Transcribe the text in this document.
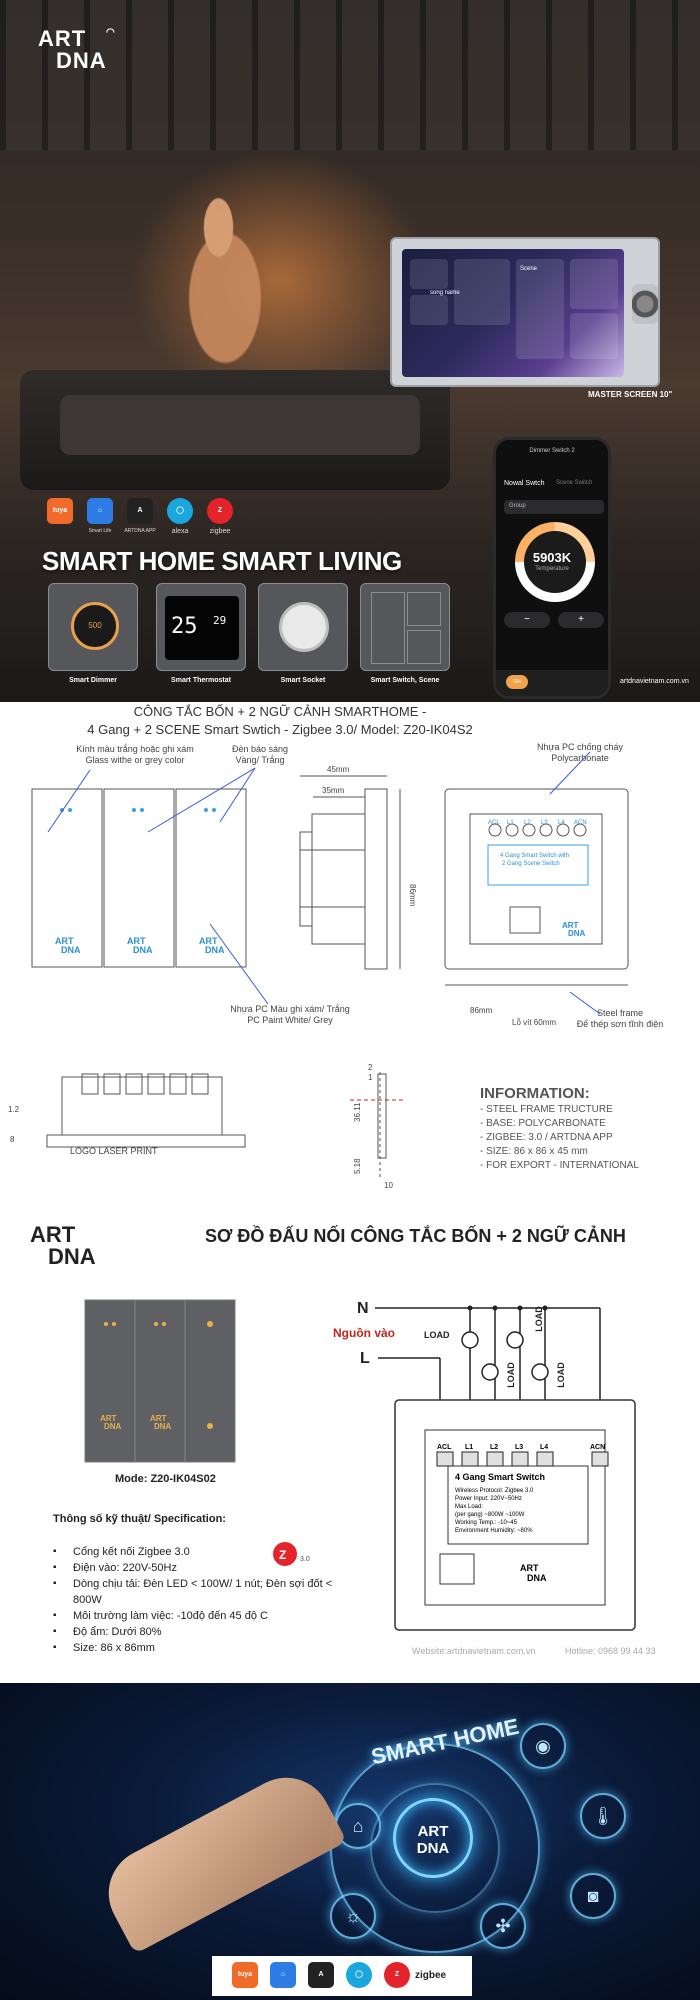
◠
ART
DNA
song name
Scene
MASTER SCREEN 10"
Dimmer Switch 2
Nowal Swtch Scene Switch
Group
5903K
Temperature
−	+
ON
tuya	⌂
Smart Life
A
ARTDNA APP
◯
alexa
Z
zigbee
SMART HOME SMART LIVING
500	25 29
Smart Dimmer	Smart Thermostat	Smart Socket	Smart Switch, Scene	artdnavietnam.com.vn
CÔNG TẮC BỐN + 2 NGỮ CẢNH SMARTHOME -
4 Gang + 2 SCENE Smart Swtich - Zigbee 3.0/ Model: Z20-IK04S2
Kính màu trắng hoặc ghi xám
Glass withe or grey color
Đèn báo sáng
Vàng/ Trắng
Nhựa PC chống cháy
Polycarbonate
Nhựa PC Màu ghi xám/ Trắng
PC Paint White/ Grey
Steel frame
Để thép sơn tĩnh điện
LOGO LASER PRINT
ART	ART	ART
DNA	DNA	DNA
45mm
35mm
86mm
4 Gang Smart Switch with
2 Gang Scene Switch
ACL L1 L2 L3 L4 ACN
ART
DNA
86mm
Lỗ vít 60mm
1.2
8
2
1
36.11
5.18
10
INFORMATION:
- STEEL FRAME TRUCTURE
- BASE: POLYCARBONATE
- ZIGBEE: 3.0 / ARTDNA APP
- SIZE: 86 x 86 x 45 mm
- FOR EXPORT - INTERNATIONAL
ART
DNA
SƠ ĐỒ ĐẤU NỐI CÔNG TẮC BỐN + 2 NGỮ CẢNH
ART	ART
DNA	DNA
ACL L1 L2 L3 L4	ACN
4 Gang Smart Switch
Wireless Protocol: Zigbee 3.0
Power Input: 220V~50Hz
Max Load:
(per gang) ~800W ~100W
Working Temp.: -10~45
Environment Humidity: ~80%
ART
DNA
Z 3.0
N
Nguồn vào
L
LOAD
LOAD
LOAD	LOAD
Mode: Z20-IK04S02
Thông số kỹ thuật/ Specification:
▪ Cổng kết nối Zigbee 3.0
▪ Điện vào: 220V-50Hz
▪ Dòng chịu tải: Đèn LED < 100W/ 1 nút; Đèn sợi đốt < 800W
▪ Môi trường làm việc: -10độ đến 45 độ C
▪ Độ ẩm: Dưới 80%
▪ Size: 86 x 86mm	Website:artdnavietnam.com.vn	Hotline: 0968 99 44 33
SMART HOME ◉
🌡
◙
✣
☼
⌂	ART
DNA
tuya	⌂	A	◯	Z	zigbee
